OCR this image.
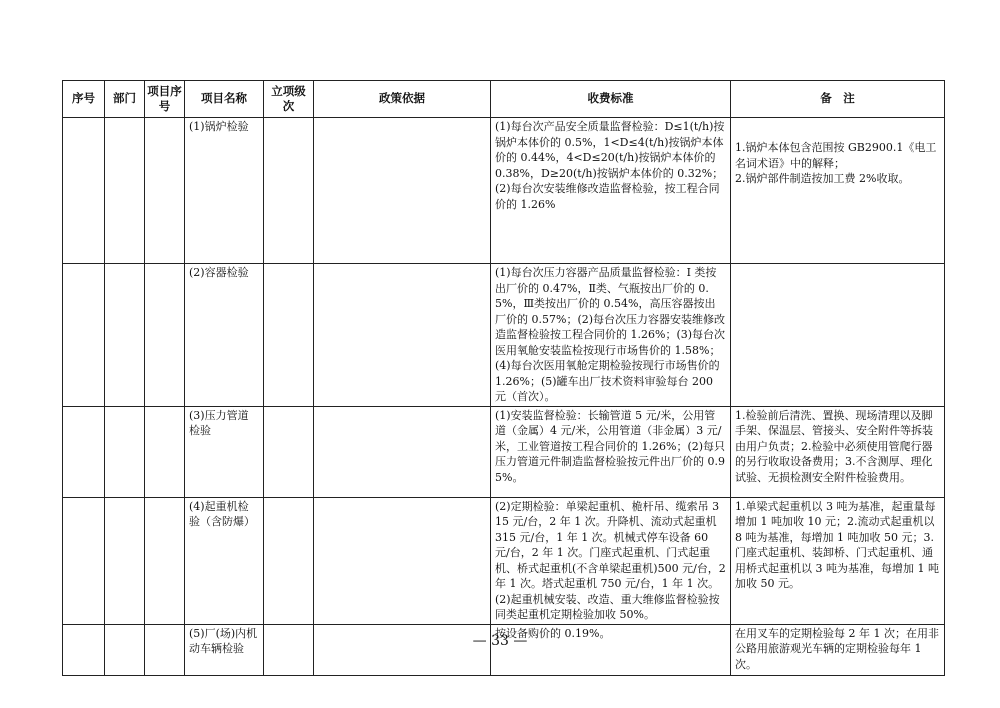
序号	部门	项目序号	项目名称	立项级次	政策依据	收费标准	备　注
			(1)锅炉检验			(1)每台次产品安全质量监督检验：D≤1(t/h)按锅炉本体价的 0.5%，1<D≤4(t/h)按锅炉本体价的 0.44%，4<D≤20(t/h)按锅炉本体价的 0.38%，D≥20(t/h)按锅炉本体价的 0.32%；(2)每台次安装维修改造监督检验，按工程合同价的 1.26%	1.锅炉本体包含范围按 GB2900.1《电工名词术语》中的解释；
2.锅炉部件制造按加工费 2%收取。
			(2)容器检验			(1)每台次压力容器产品质量监督检验：I 类按出厂价的 0.47%，Ⅱ类、气瓶按出厂价的 0.5%，Ⅲ类按出厂价的 0.54%，高压容器按出厂价的 0.57%；(2)每台次压力容器安装维修改造监督检验按工程合同价的 1.26%；(3)每台次医用氧舱安装监检按现行市场售价的 1.58%；(4)每台次医用氧舱定期检验按现行市场售价的 1.26%；(5)罐车出厂技术资料审验每台 200 元（首次）。	
			(3)压力管道检验			(1)安装监督检验：长输管道 5 元/米，公用管道（金属）4 元/米，公用管道（非金属）3 元/米，工业管道按工程合同价的 1.26%；(2)每只压力管道元件制造监督检验按元件出厂价的 0.95%。	1.检验前后清洗、置换、现场清理以及脚手架、保温层、管接头、安全附件等拆装由用户负责；2.检验中必须使用管爬行器的另行收取设备费用；3.不含测厚、理化试验、无损检测安全附件检验费用。
			(4)起重机检验（含防爆）			(2)定期检验：单梁起重机、桅杆吊、缆索吊 315 元/台，2 年 1 次。升降机、流动式起重机 315 元/台，1 年 1 次。机械式停车设备 60 元/台，2 年 1 次。门座式起重机、门式起重机、桥式起重机(不含单梁起重机)500 元/台，2 年 1 次。塔式起重机 750 元/台，1 年 1 次。(2)起重机械安装、改造、重大维修监督检验按同类起重机定期检验加收 50%。	1.单梁式起重机以 3 吨为基准，起重量每增加 1 吨加收 10 元；2.流动式起重机以 8 吨为基准，每增加 1 吨加收 50 元；3.门座式起重机、装卸桥、门式起重机、通用桥式起重机以 3 吨为基准，每增加 1 吨加收 50 元。
			(5)厂(场)内机动车辆检验			按设备购价的 0.19%。	在用叉车的定期检验每 2 年 1 次；在用非公路用旅游观光车辆的定期检验每年 1 次。
— 33 —
